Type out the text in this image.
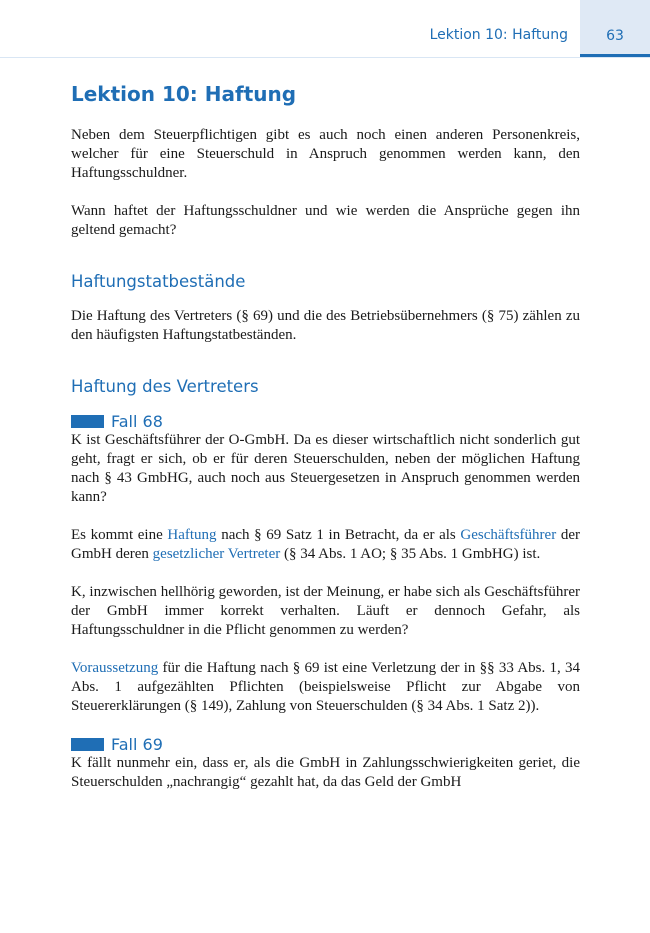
Lektion 10: Haftung	63
Lektion 10: Haftung

Neben dem Steuerpflichtigen gibt es auch noch einen anderen Personenkreis, welcher für eine Steuerschuld in Anspruch genommen werden kann, den Haftungsschuldner.

Wann haftet der Haftungsschuldner und wie werden die Ansprüche gegen ihn geltend gemacht?

Haftungstatbestände

Die Haftung des Vertreters (§ 69) und die des Betriebsübernehmers (§ 75) zählen zu den häufigsten Haftungstatbeständen.

Haftung des Vertreters
Fall 68

K ist Geschäftsführer der O-GmbH. Da es dieser wirtschaftlich nicht sonderlich gut geht, fragt er sich, ob er für deren Steuerschulden, neben der möglichen Haftung nach § 43 GmbHG, auch noch aus Steuergesetzen in Anspruch genommen werden kann?

Es kommt eine Haftung nach § 69 Satz 1 in Betracht, da er als Geschäftsführer der GmbH deren gesetzlicher Vertreter (§ 34 Abs. 1 AO; § 35 Abs. 1 GmbHG) ist.

K, inzwischen hellhörig geworden, ist der Meinung, er habe sich als Geschäftsführer der GmbH immer korrekt verhalten. Läuft er dennoch Gefahr, als Haftungsschuldner in die Pflicht genommen zu werden?

Voraussetzung für die Haftung nach § 69 ist eine Verletzung der in §§ 33 Abs. 1, 34 Abs. 1 aufgezählten Pflichten (beispielsweise Pflicht zur Abgabe von Steuererklärungen (§ 149), Zahlung von Steuerschulden (§ 34 Abs. 1 Satz 2)).

Fall 69

K fällt nunmehr ein, dass er, als die GmbH in Zahlungsschwierigkeiten geriet, die Steuerschulden „nachrangig“ gezahlt hat, da das Geld der GmbH
